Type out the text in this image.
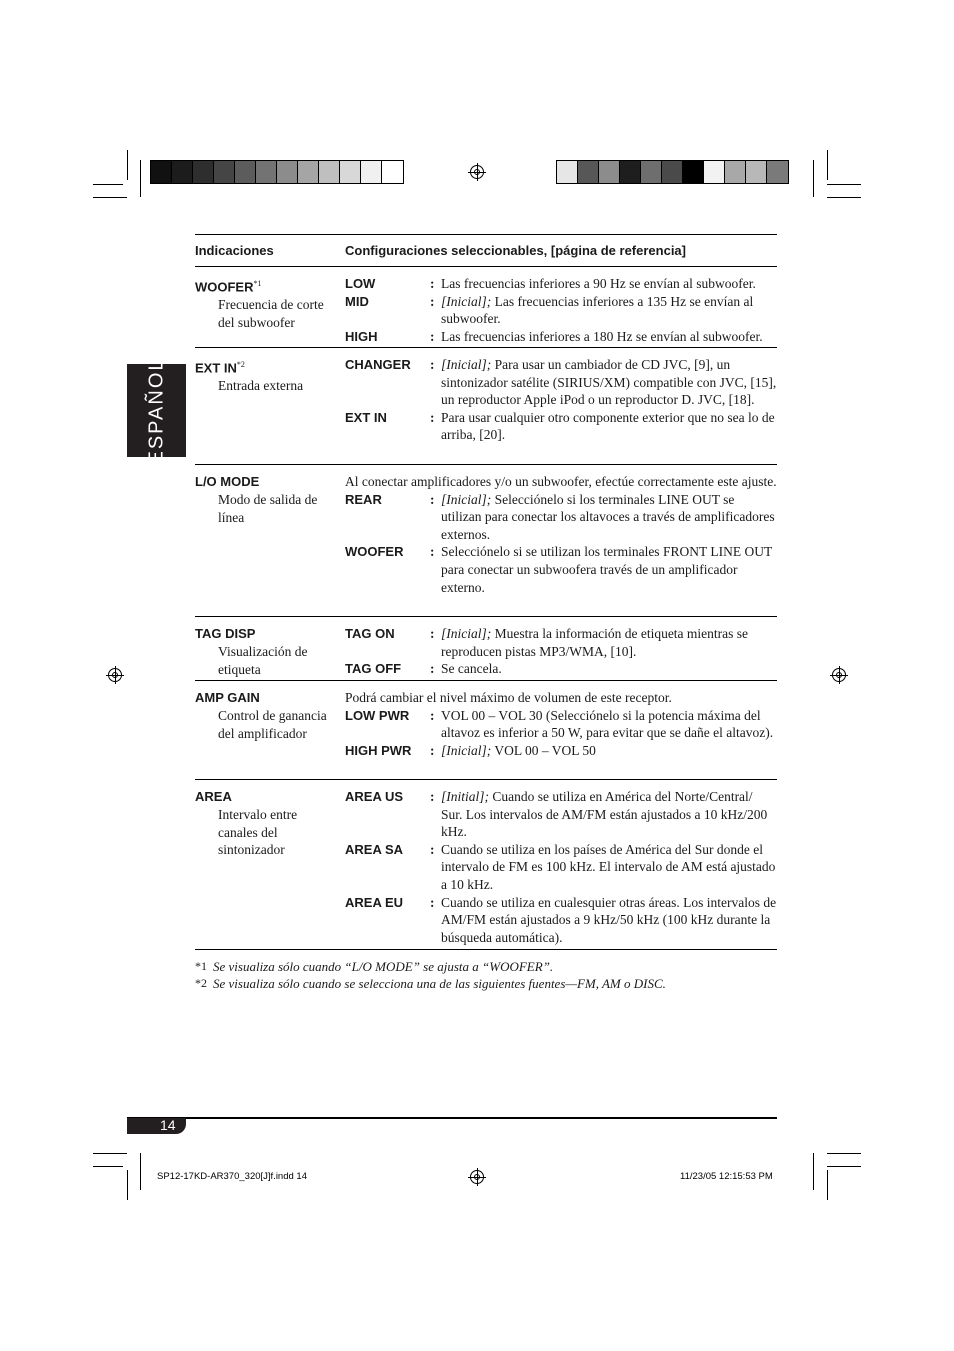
ESPAÑOL
Indicaciones	Configuraciones seleccionables, [página de referencia]
WOOFER$^{*1}$
Frecuencia de corte del subwoofer
LOW	: Las frecuencias inferiores a 90 Hz se envían al subwoofer.
MID	: [Inicial]; Las frecuencias inferiores a 135 Hz se envían al subwoofer.
HIGH	: Las frecuencias inferiores a 180 Hz se envían al subwoofer.
EXT IN$^{*2}$
Entrada externa
CHANGER	: [Inicial]; Para usar un cambiador de CD JVC, [9], un sintonizador satélite (SIRIUS/XM) compatible con JVC, [15], un reproductor Apple iPod o un reproductor D. JVC, [18].
EXT IN	: Para usar cualquier otro componente exterior que no sea lo de arriba, [20].
L/O MODE
Modo de salida de línea
Al conectar amplificadores y/o un subwoofer, efectúe correctamente este ajuste.
REAR	: [Inicial]; Selecciónelo si los terminales LINE OUT se utilizan para conectar los altavoces a través de amplificadores externos.
WOOFER	: Selecciónelo si se utilizan los terminales FRONT LINE OUT para conectar un subwoofera través de un amplificador externo.
TAG DISP
Visualización de etiqueta
TAG ON	: [Inicial]; Muestra la información de etiqueta mientras se reproducen pistas MP3/WMA, [10].
TAG OFF	: Se cancela.
AMP GAIN
Control de ganancia del amplificador
Podrá cambiar el nivel máximo de volumen de este receptor.
LOW PWR	: VOL 00 – VOL 30 (Selecciónelo si la potencia máxima del altavoz es inferior a 50 W, para evitar que se dañe el altavoz).
HIGH PWR	: [Inicial]; VOL 00 – VOL 50
AREA
Intervalo entre canales del sintonizador
AREA US	: [Initial]; Cuando se utiliza en América del Norte/Central/ Sur. Los intervalos de AM/FM están ajustados a 10 kHz/200 kHz.
AREA SA	: Cuando se utiliza en los países de América del Sur donde el intervalo de FM es 100 kHz. El intervalo de AM está ajustado a 10 kHz.
AREA EU	: Cuando se utiliza en cualesquier otras áreas. Los intervalos de AM/FM están ajustados a 9 kHz/50 kHz (100 kHz durante la búsqueda automática).
*1 Se visualiza sólo cuando “L/O MODE” se ajusta a “WOOFER”.
*2 Se visualiza sólo cuando se selecciona una de las siguientes fuentes—FM, AM o DISC.
14
SP12-17KD-AR370_320[J]f.indd 14	11/23/05 12:15:53 PM
